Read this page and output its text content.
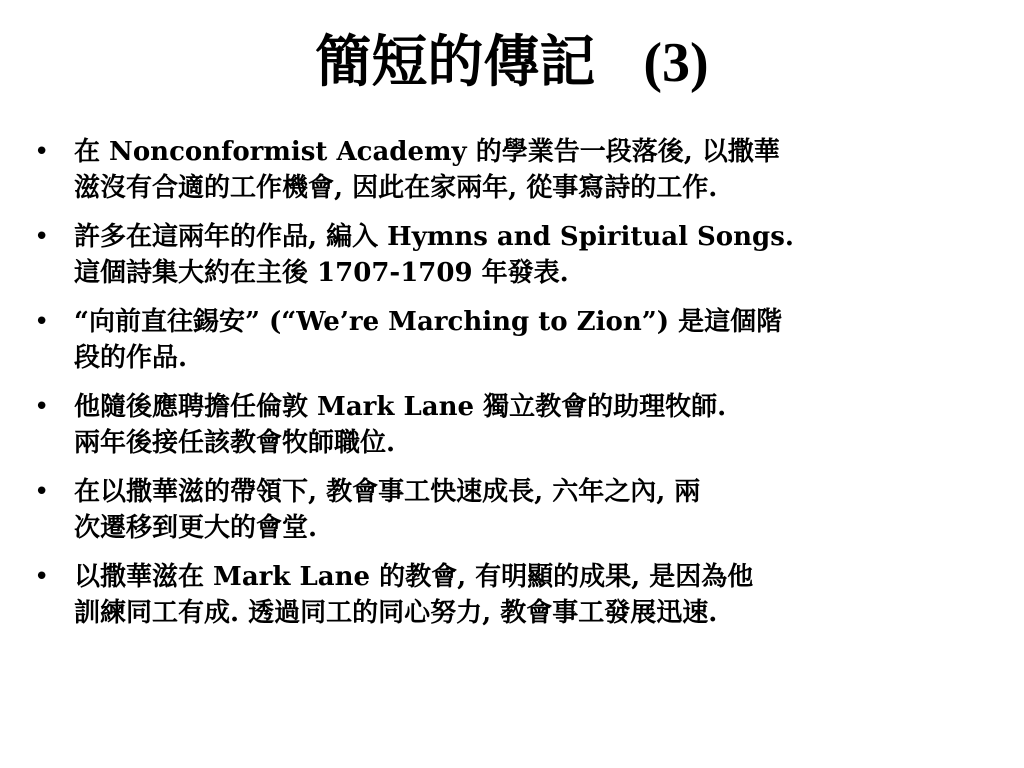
簡短的傳記 (3)
• 在 Nonconformist Academy 的學業告一段落後, 以撒華
滋沒有合適的工作機會, 因此在家兩年, 從事寫詩的工作.
• 許多在這兩年的作品, 編入 Hymns and Spiritual Songs.
這個詩集大約在主後 1707-1709 年發表.
• “向前直往錫安” (“We’re Marching to Zion”) 是這個階
段的作品.
• 他隨後應聘擔任倫敦 Mark Lane 獨立教會的助理牧師.
兩年後接任該教會牧師職位.
• 在以撒華滋的帶領下, 教會事工快速成長, 六年之內, 兩
次遷移到更大的會堂.
• 以撒華滋在 Mark Lane 的教會, 有明顯的成果, 是因為他
訓練同工有成. 透過同工的同心努力, 教會事工發展迅速.
